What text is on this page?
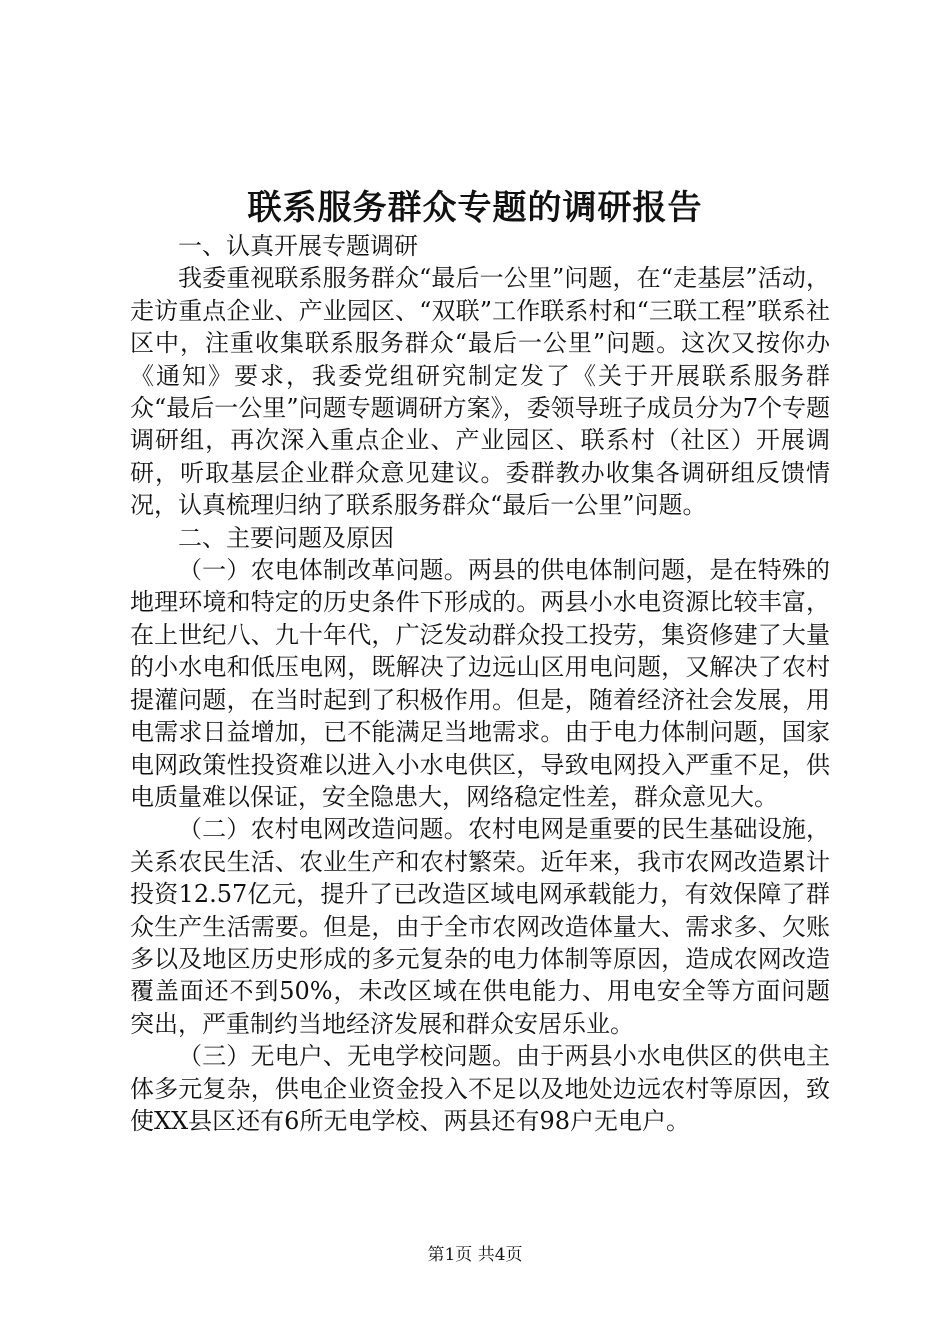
联系服务群众专题的调研报告

一、认真开展专题调研

我委重视联系服务群众“最后一公里”问题，在“走基层”活动，走访重点企业、产业园区、“双联”工作联系村和“三联工程”联系社区中，注重收集联系服务群众“最后一公里”问题。这次又按你办《通知》要求，我委党组研究制定发了《关于开展联系服务群众“最后一公里”问题专题调研方案》，委领导班子成员分为7个专题调研组，再次深入重点企业、产业园区、联系村（社区）开展调研，听取基层企业群众意见建议。委群教办收集各调研组反馈情况，认真梳理归纳了联系服务群众“最后一公里”问题。

二、主要问题及原因

（一）农电体制改革问题。两县的供电体制问题，是在特殊的地理环境和特定的历史条件下形成的。两县小水电资源比较丰富，在上世纪八、九十年代，广泛发动群众投工投劳，集资修建了大量的小水电和低压电网，既解决了边远山区用电问题，又解决了农村提灌问题，在当时起到了积极作用。但是，随着经济社会发展，用电需求日益增加，已不能满足当地需求。由于电力体制问题，国家电网政策性投资难以进入小水电供区，导致电网投入严重不足，供电质量难以保证，安全隐患大，网络稳定性差，群众意见大。

（二）农村电网改造问题。农村电网是重要的民生基础设施，关系农民生活、农业生产和农村繁荣。近年来，我市农网改造累计投资12.57亿元，提升了已改造区域电网承载能力，有效保障了群众生产生活需要。但是，由于全市农网改造体量大、需求多、欠账多以及地区历史形成的多元复杂的电力体制等原因，造成农网改造覆盖面还不到50%，未改区域在供电能力、用电安全等方面问题突出，严重制约当地经济发展和群众安居乐业。

（三）无电户、无电学校问题。由于两县小水电供区的供电主体多元复杂，供电企业资金投入不足以及地处边远农村等原因，致使XX县区还有6所无电学校、两县还有98户无电户。

第1页 共4页
